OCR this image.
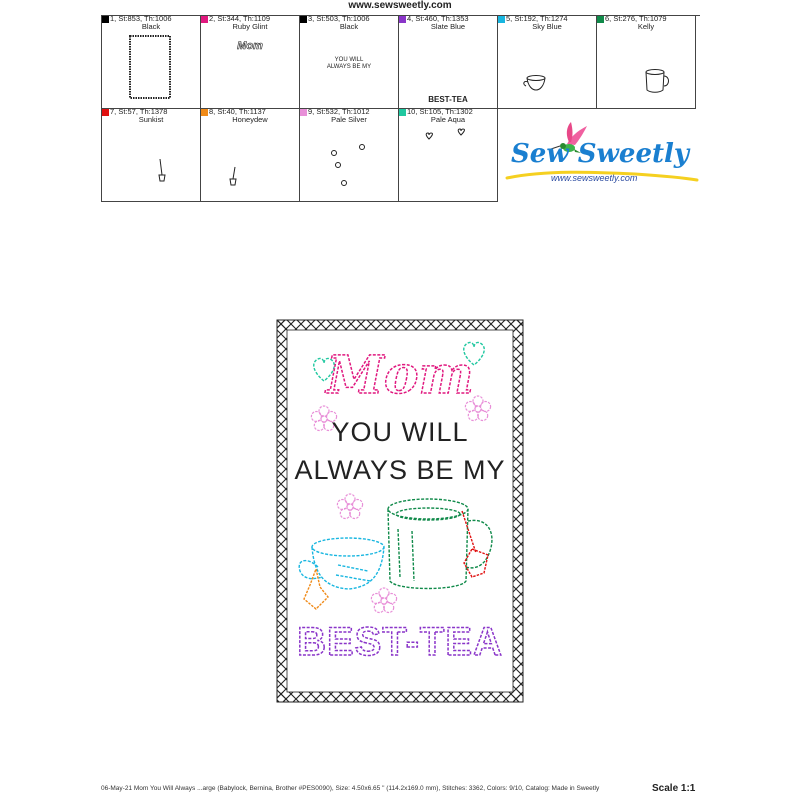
www.sewsweetly.com
1, St:853, Th:1006
Black
2, St:344, Th:1109
Ruby Glint
Mom
3, St:503, Th:1006
Black
YOU WILL
ALWAYS BE MY
4, St:460, Th:1353
Slate Blue
BEST-TEA
5, St:192, Th:1274
Sky Blue
6, St:276, Th:1079
Kelly
7, St:57, Th:1378
Sunkist
8, St:40, Th:1137
Honeydew
9, St:532, Th:1012
Pale Silver
10, St:105, Th:1302
Pale Aqua
Sew Sweetly
www.sewsweetly.com
Mom
YOU WILL
ALWAYS BE MY
BEST-TEA
06-May-21 Mom You Will Always ...arge (Babylock, Bernina, Brother #PES0090), Size: 4.50x6.65 " (114.2x169.0 mm), Stitches: 3362, Colors: 9/10, Catalog: Made in Sweetly	Scale 1:1
